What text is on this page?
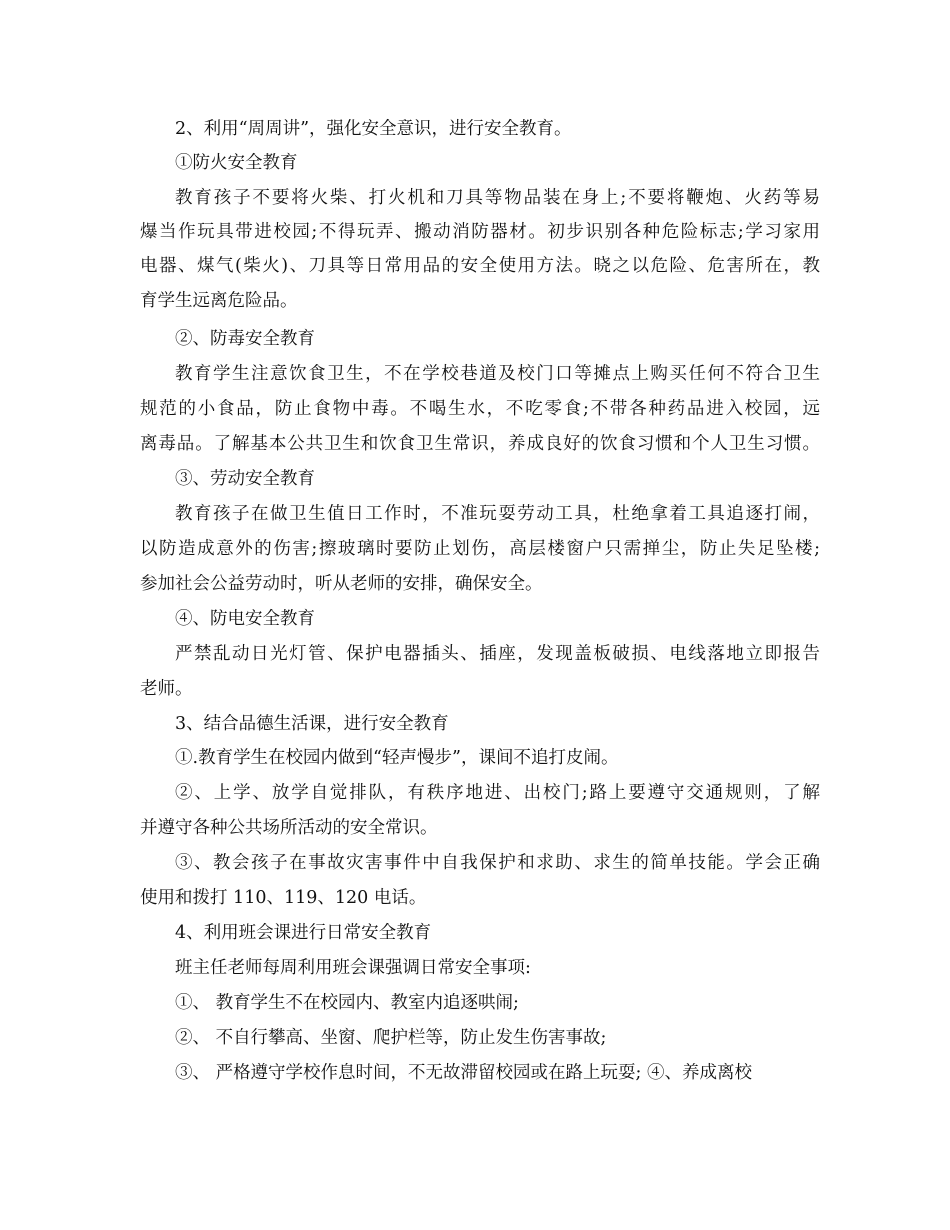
2、利用“周周讲”，强化安全意识，进行安全教育。
①防火安全教育
教育孩子不要将火柴、打火机和刀具等物品装在身上;不要将鞭炮、火药等易
爆当作玩具带进校园;不得玩弄、搬动消防器材。初步识别各种危险标志;学习家用
电器、煤气(柴火)、刀具等日常用品的安全使用方法。晓之以危险、危害所在，教
育学生远离危险品。
②、防毒安全教育
教育学生注意饮食卫生，不在学校巷道及校门口等摊点上购买任何不符合卫生
规范的小食品，防止食物中毒。不喝生水，不吃零食;不带各种药品进入校园，远
离毒品。了解基本公共卫生和饮食卫生常识，养成良好的饮食习惯和个人卫生习惯。
③、劳动安全教育
教育孩子在做卫生值日工作时，不准玩耍劳动工具，杜绝拿着工具追逐打闹，
以防造成意外的伤害;擦玻璃时要防止划伤，高层楼窗户只需掸尘，防止失足坠楼;
参加社会公益劳动时，听从老师的安排，确保安全。
④、防电安全教育
严禁乱动日光灯管、保护电器插头、插座，发现盖板破损、电线落地立即报告
老师。
3、结合品德生活课，进行安全教育
①.教育学生在校园内做到“轻声慢步”，课间不追打皮闹。
②、上学、放学自觉排队，有秩序地进、出校门;路上要遵守交通规则，了解
并遵守各种公共场所活动的安全常识。
③、教会孩子在事故灾害事件中自我保护和求助、求生的简单技能。学会正确
使用和拨打 110、119、120 电话。
4、利用班会课进行日常安全教育
班主任老师每周利用班会课强调日常安全事项:
①、 教育学生不在校园内、教室内追逐哄闹;
②、 不自行攀高、坐窗、爬护栏等，防止发生伤害事故;
③、 严格遵守学校作息时间，不无故滞留校园或在路上玩耍; ④、养成离校
